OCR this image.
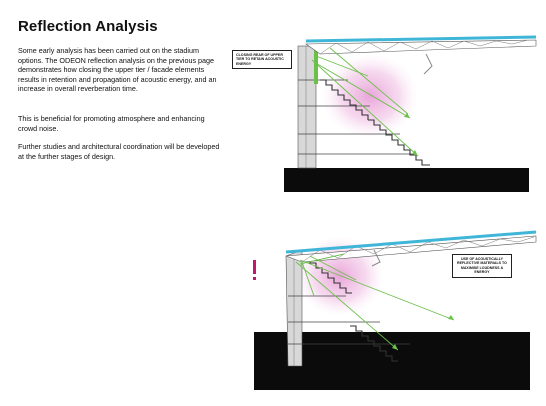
Reflection Analysis

Some early analysis has been carried out on the stadium options. The ODEON reflection analysis on the previous page demonstrates how closing the upper tier / facade elements results in retention and propagation of acoustic energy, and an increase in overall reverberation time.

This is beneficial for promoting atmosphere and enhancing crowd noise.

Further studies and architectural coordination will be developed at the further stages of design.

CLOSING REAR OF UPPER TIER TO RETAIN ACOUSTIC ENERGY
USE OF ACOUSTICALLY REFLECTIVE MATERIALS TO MAXIMISE LOUDNESS & ENERGY
